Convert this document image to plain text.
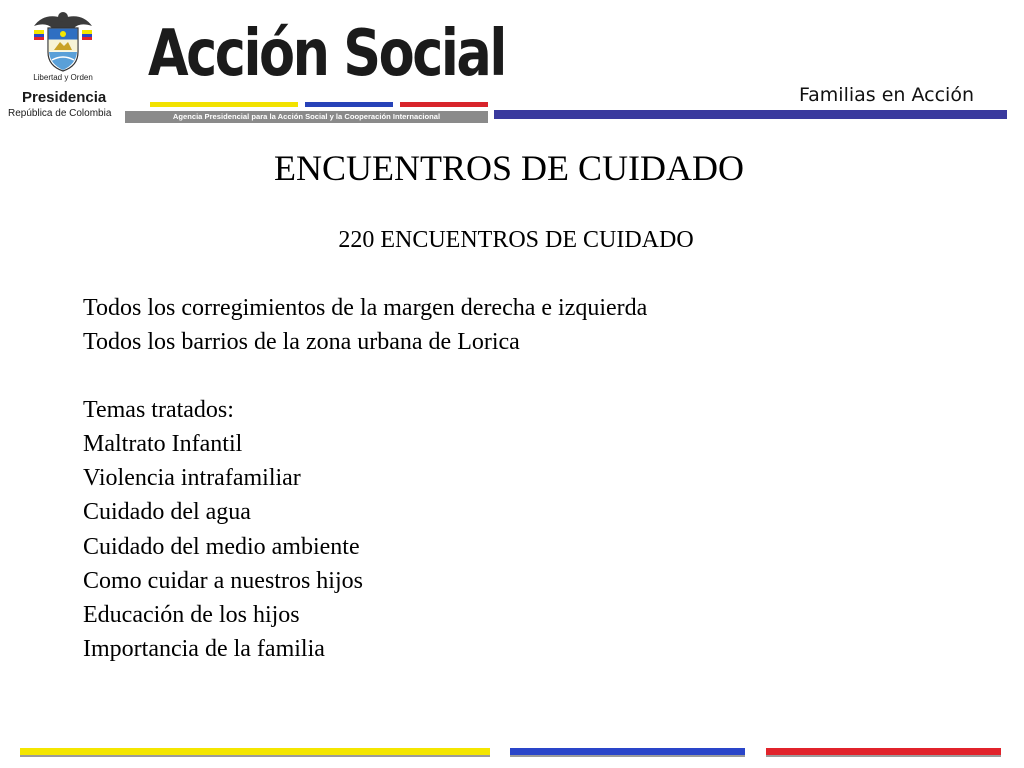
Libertad y Orden
Presidencia
República de Colombia
Acción Social
Agencia Presidencial para la Acción Social y la Cooperación Internacional
Familias en Acción
ENCUENTROS DE CUIDADO
220 ENCUENTROS DE CUIDADO
Todos los corregimientos de la margen derecha e izquierda
Todos los barrios de la zona urbana de Lorica
Temas tratados:
Maltrato Infantil
Violencia intrafamiliar
Cuidado del agua
Cuidado del medio ambiente
Como cuidar a nuestros hijos
Educación de los hijos
Importancia de la familia
